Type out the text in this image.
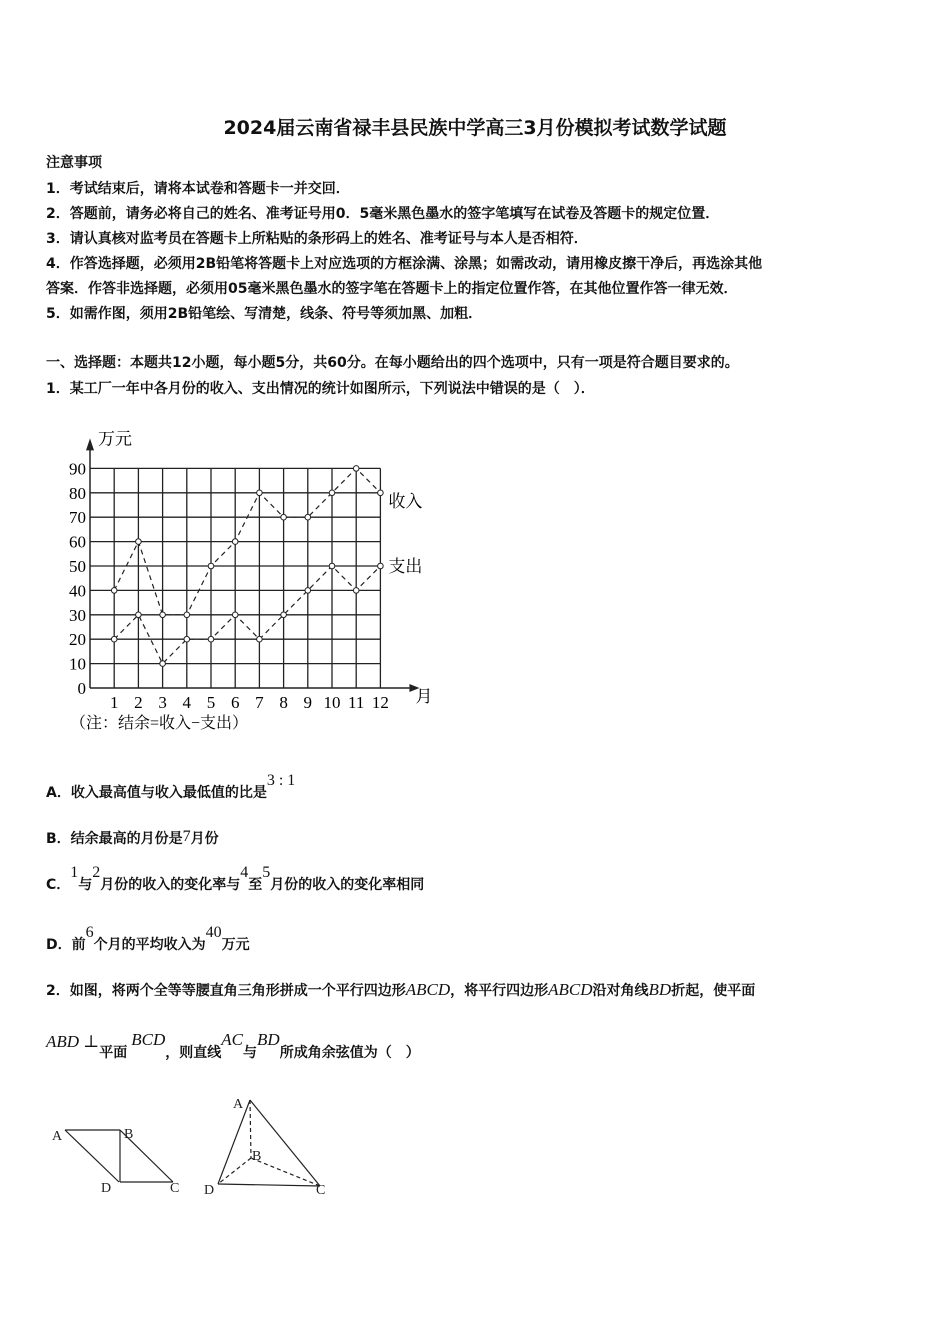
2024届云南省禄丰县民族中学高三3月份模拟考试数学试题
注意事项
1．考试结束后，请将本试卷和答题卡一并交回．
2．答题前，请务必将自己的姓名、准考证号用0．5毫米黑色墨水的签字笔填写在试卷及答题卡的规定位置．
3．请认真核对监考员在答题卡上所粘贴的条形码上的姓名、准考证号与本人是否相符．
4．作答选择题，必须用2B铅笔将答题卡上对应选项的方框涂满、涂黑；如需改动，请用橡皮擦干净后，再选涂其他
答案．作答非选择题，必须用05毫米黑色墨水的签字笔在答题卡上的指定位置作答，在其他位置作答一律无效．
5．如需作图，须用2B铅笔绘、写清楚，线条、符号等须加黑、加粗．
一、选择题：本题共12小题，每小题5分，共60分。在每小题给出的四个选项中，只有一项是符合题目要求的。
1．某工厂一年中各月份的收入、支出情况的统计如图所示，下列说法中错误的是（　）．
0
10
20
30
40
50
60
70
80
90
1 2 3 4 5 6 7 8 9 10 11 12
万元
月
（注：结余=收入−支出）
收入
支出
A．收入最高值与收入最低值的比是3 : 1
B．结余最高的月份是7月份
C．1与2月份的收入的变化率与4至5月份的收入的变化率相同
D．前6个月的平均收入为40万元
2．如图，将两个全等等腰直角三角形拼成一个平行四边形ABCD，将平行四边形ABCD沿对角线BD折起，使平面
ABD ⊥平面BCD，则直线AC与BD所成角余弦值为（　）
A	B
D	C
A
B
D	C
